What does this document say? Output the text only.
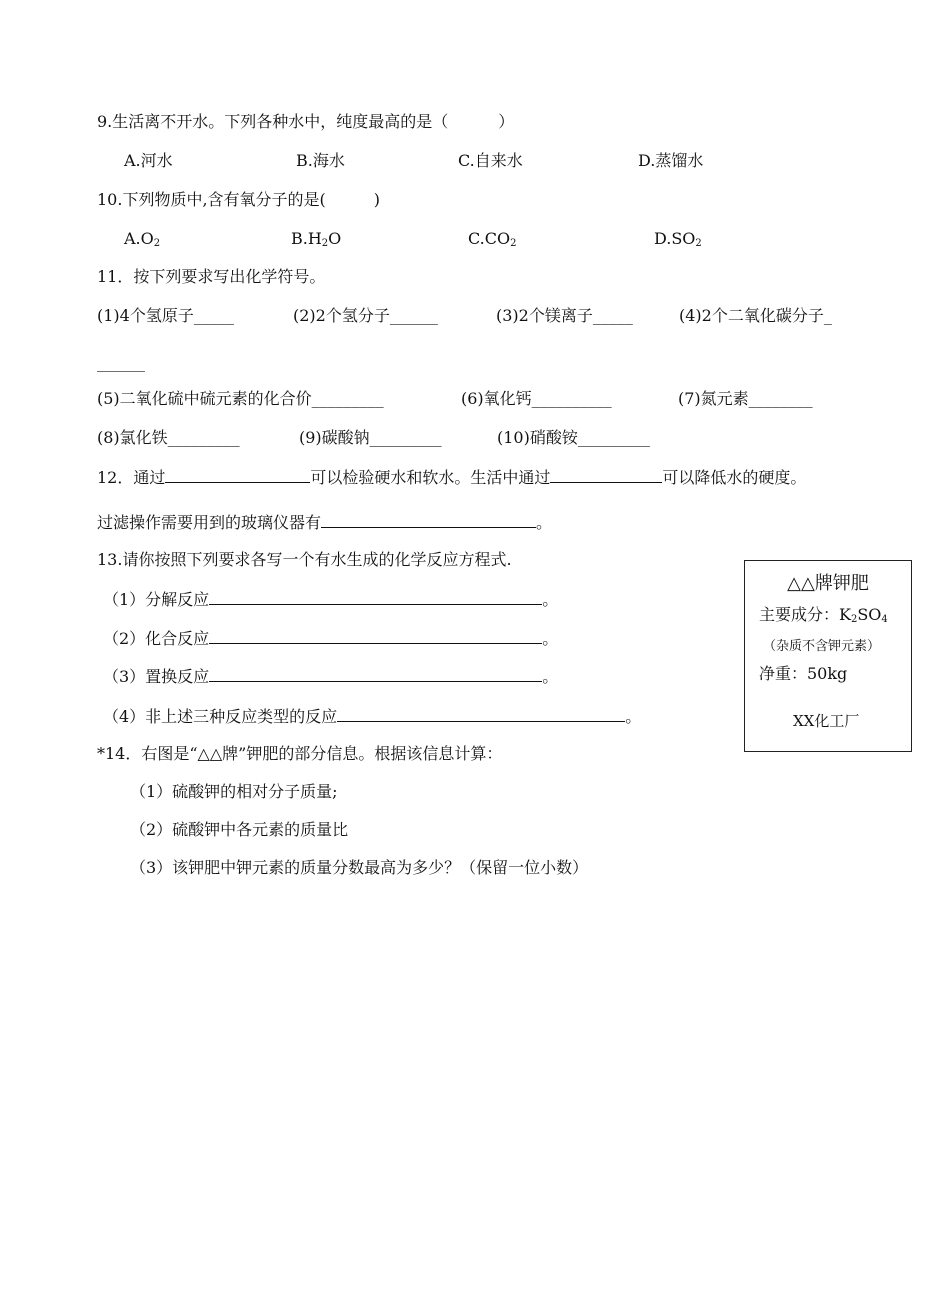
9.生活离不开水。下列各种水中，纯度最高的是（	）
A.河水	B.海水	C.自来水	D.蒸馏水
10.下列物质中,含有氧分子的是(	)
$A.O_2$	$B.H_2O$	$C.CO_2$	$D.SO_2$
11．按下列要求写出化学符号。
(1)4个氢原子_____	(2)2个氢分子______	(3)2个镁离子_____	(4)2个二氧化碳分子_
______
(5)二氧化硫中硫元素的化合价_________	(6)氧化钙__________	(7)氮元素________
(8)氯化铁_________	(9)碳酸钠_________	(10)硝酸铵_________
12．通过	可以检验硬水和软水。生活中通过	可以降低水的硬度。
过滤操作需要用到的玻璃仪器有	。
13.请你按照下列要求各写一个有水生成的化学反应方程式.
（1）分解反应	。
（2）化合反应	。
（3）置换反应	。
（4）非上述三种反应类型的反应	。
*14．右图是“△△牌”钾肥的部分信息。根据该信息计算：
（1）硫酸钾的相对分子质量;
（2）硫酸钾中各元素的质量比
（3）该钾肥中钾元素的质量分数最高为多少？（保留一位小数）
△△牌钾肥
主要成分：$K_2SO_4$
（杂质不含钾元素）
净重：50kg
XX化工厂
